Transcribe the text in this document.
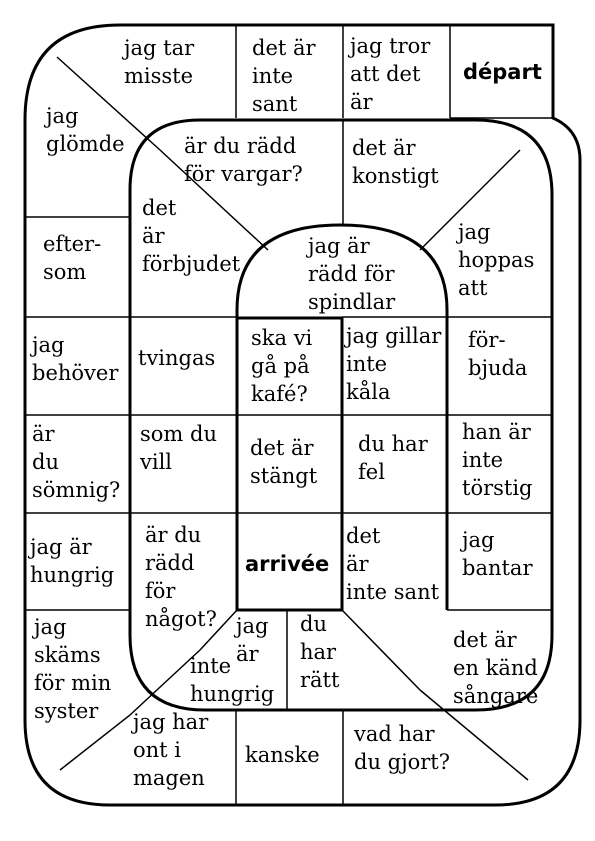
jag tar
misste
det är
inte
sant
jag tror
att det
är
départ
jag
glömde	är du rädd
för vargar?
det är
konstigt
det
är
förbjudet
jag är
rädd för
spindlar
efter-
som
jag
hoppas
att
jag
behöver
tvingas
ska vi
gå på
kafé?
jag gillar
inte
kåla
för-
bjuda
är
du
sömnig?
som du
vill
det är
stängt
du har
fel
han är
inte
törstig
jag är
hungrig
är du
rädd
för
något?
arrivée
det
är
inte sant
jag
bantar
jag
skäms
för min
syster
jag
är
inte
hungrig
du
har
rätt
det är
en känd
sångare
jag har
ont i
magen
kanske
vad har
du gjort?
